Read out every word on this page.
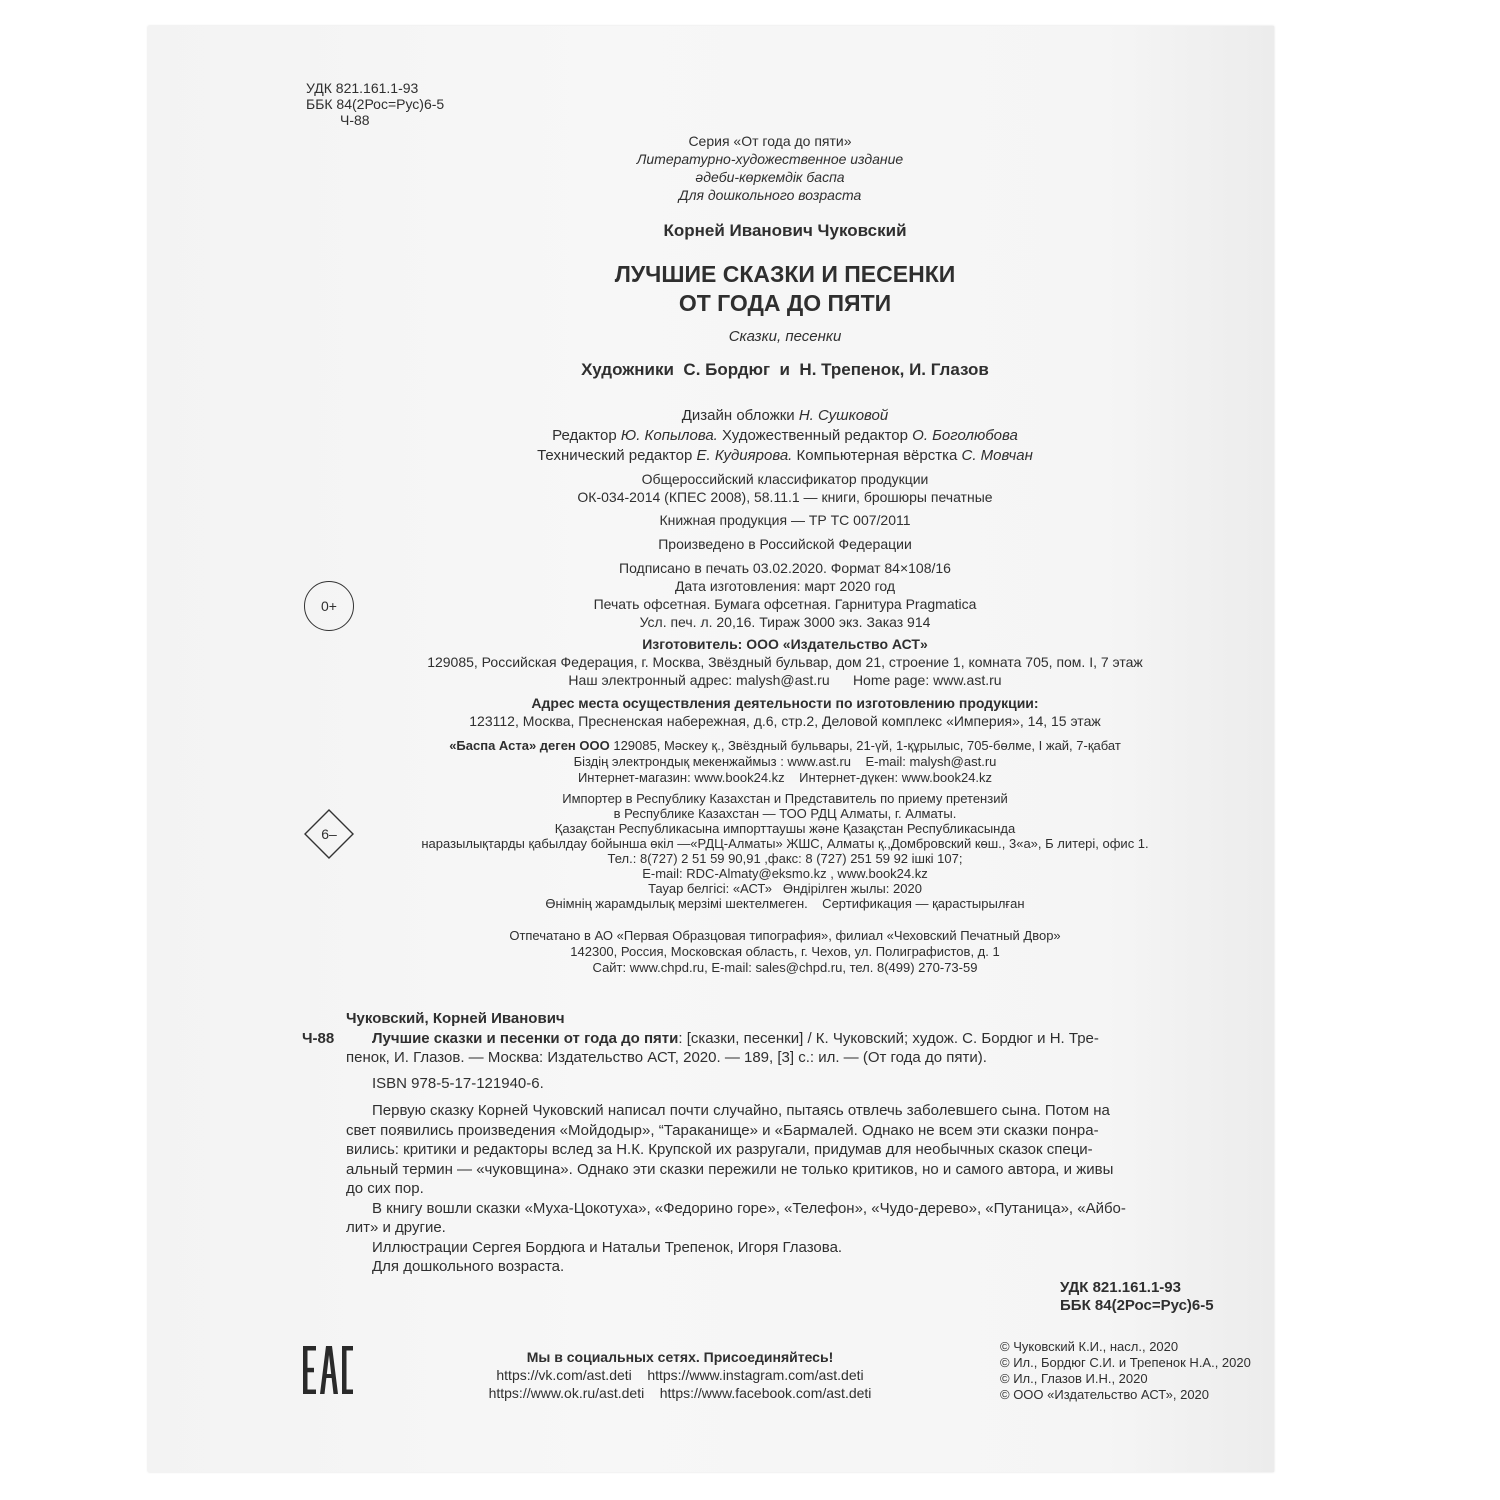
УДК 821.161.1-93
ББК 84(2Рос=Рус)6-5
Ч-88
Серия «От года до пяти»
Литературно-художественное издание
әдеби-көркемдік баспа
Для дошкольного возраста
Корней Иванович Чуковский
ЛУЧШИЕ СКАЗКИ И ПЕСЕНКИ
ОТ ГОДА ДО ПЯТИ
Сказки, песенки
Художники  С. Бордюг  и  Н. Трепенок, И. Глазов
Дизайн обложки Н. Сушковой
Редактор Ю. Копылова. Художественный редактор О. Боголюбова
Технический редактор Е. Кудиярова. Компьютерная вёрстка С. Мовчан
Общероссийский классификатор продукции
ОК-034-2014 (КПЕС 2008), 58.11.1 — книги, брошюры печатные
Книжная продукция — ТР ТС 007/2011
Произведено в Российской Федерации
Подписано в печать 03.02.2020. Формат 84×108/16
Дата изготовления: март 2020 год
Печать офсетная. Бумага офсетная. Гарнитура Pragmatica
Усл. печ. л. 20,16. Тираж 3000 экз. Заказ 914
Изготовитель: ООО «Издательство АСТ»
129085, Российская Федерация, г. Москва, Звёздный бульвар, дом 21, строение 1, комната 705, пом. I, 7 этаж
Наш электронный адрес: malysh@ast.ru      Home page: www.ast.ru
Адрес места осуществления деятельности по изготовлению продукции:
123112, Москва, Пресненская набережная, д.6, стр.2, Деловой комплекс «Империя», 14, 15 этаж
«Баспа Аста» деген ООО 129085, Мәскеу қ., Звёздный бульвары, 21-үй, 1-құрылыс, 705-бөлме, I жай, 7-қабат
Біздің электрондық мекенжаймыз : www.ast.ru    E-mail: malysh@ast.ru
Интернет-магазин: www.book24.kz    Интернет-дүкен: www.book24.kz
Импортер в Республику Казахстан и Представитель по приему претензий
в Республике Казахстан — ТОО РДЦ Алматы, г. Алматы.
Қазақстан Республикасына импорттаушы және Қазақстан Республикасында
наразылықтарды қабылдау бойынша өкіл —«РДЦ-Алматы» ЖШС, Алматы қ.,Домбровский көш., 3«а», Б литері, офис 1.
Тел.: 8(727) 2 51 59 90,91 ,факс: 8 (727) 251 59 92 ішкі 107;
E-mail: RDC-Almaty@eksmo.kz , www.book24.kz
Тауар белгісі: «АСТ»   Өндірілген жылы: 2020
Өнімнің жарамдылық мерзімі шектелмеген.    Сертификация — қарастырылған
Отпечатано в АО «Первая Образцовая типография», филиал «Чеховский Печатный Двор»
142300, Россия, Московская область, г. Чехов, ул. Полиграфистов, д. 1
Сайт: www.chpd.ru, E-mail: sales@chpd.ru, тел. 8(499) 270-73-59
0+
6–
Чуковский, Корней Иванович
Ч-88	Лучшие сказки и песенки от года до пяти: [сказки, песенки] / К. Чуковский; худож. С. Бордюг и Н. Тре-
пенок, И. Глазов. — Москва: Издательство АСТ, 2020. — 189, [3] с.: ил. — (От года до пяти).
ISBN 978-5-17-121940-6.
Первую сказку Корней Чуковский написал почти случайно, пытаясь отвлечь заболевшего сына. Потом на
свет появились произведения «Мойдодыр», “Тараканище» и «Бармалей. Однако не всем эти сказки понра-
вились: критики и редакторы вслед за Н.К. Крупской их разругали, придумав для необычных сказок специ-
альный термин — «чуковщина». Однако эти сказки пережили не только критиков, но и самого автора, и живы
до сих пор.
В книгу вошли сказки «Муха-Цокотуха», «Федорино горе», «Телефон», «Чудо-дерево», «Путаница», «Айбо-
лит» и другие.
Иллюстрации Сергея Бордюга и Натальи Трепенок, Игоря Глазова.
Для дошкольного возраста.
УДК 821.161.1-93
ББК 84(2Рос=Рус)6-5
Мы в социальных сетях. Присоединяйтесь!
https://vk.com/ast.deti    https://www.instagram.com/ast.deti
https://www.ok.ru/ast.deti    https://www.facebook.com/ast.deti
© Чуковский К.И., насл., 2020
© Ил., Бордюг С.И. и Трепенок Н.А., 2020
© Ил., Глазов И.Н., 2020
© ООО «Издательство АСТ», 2020
